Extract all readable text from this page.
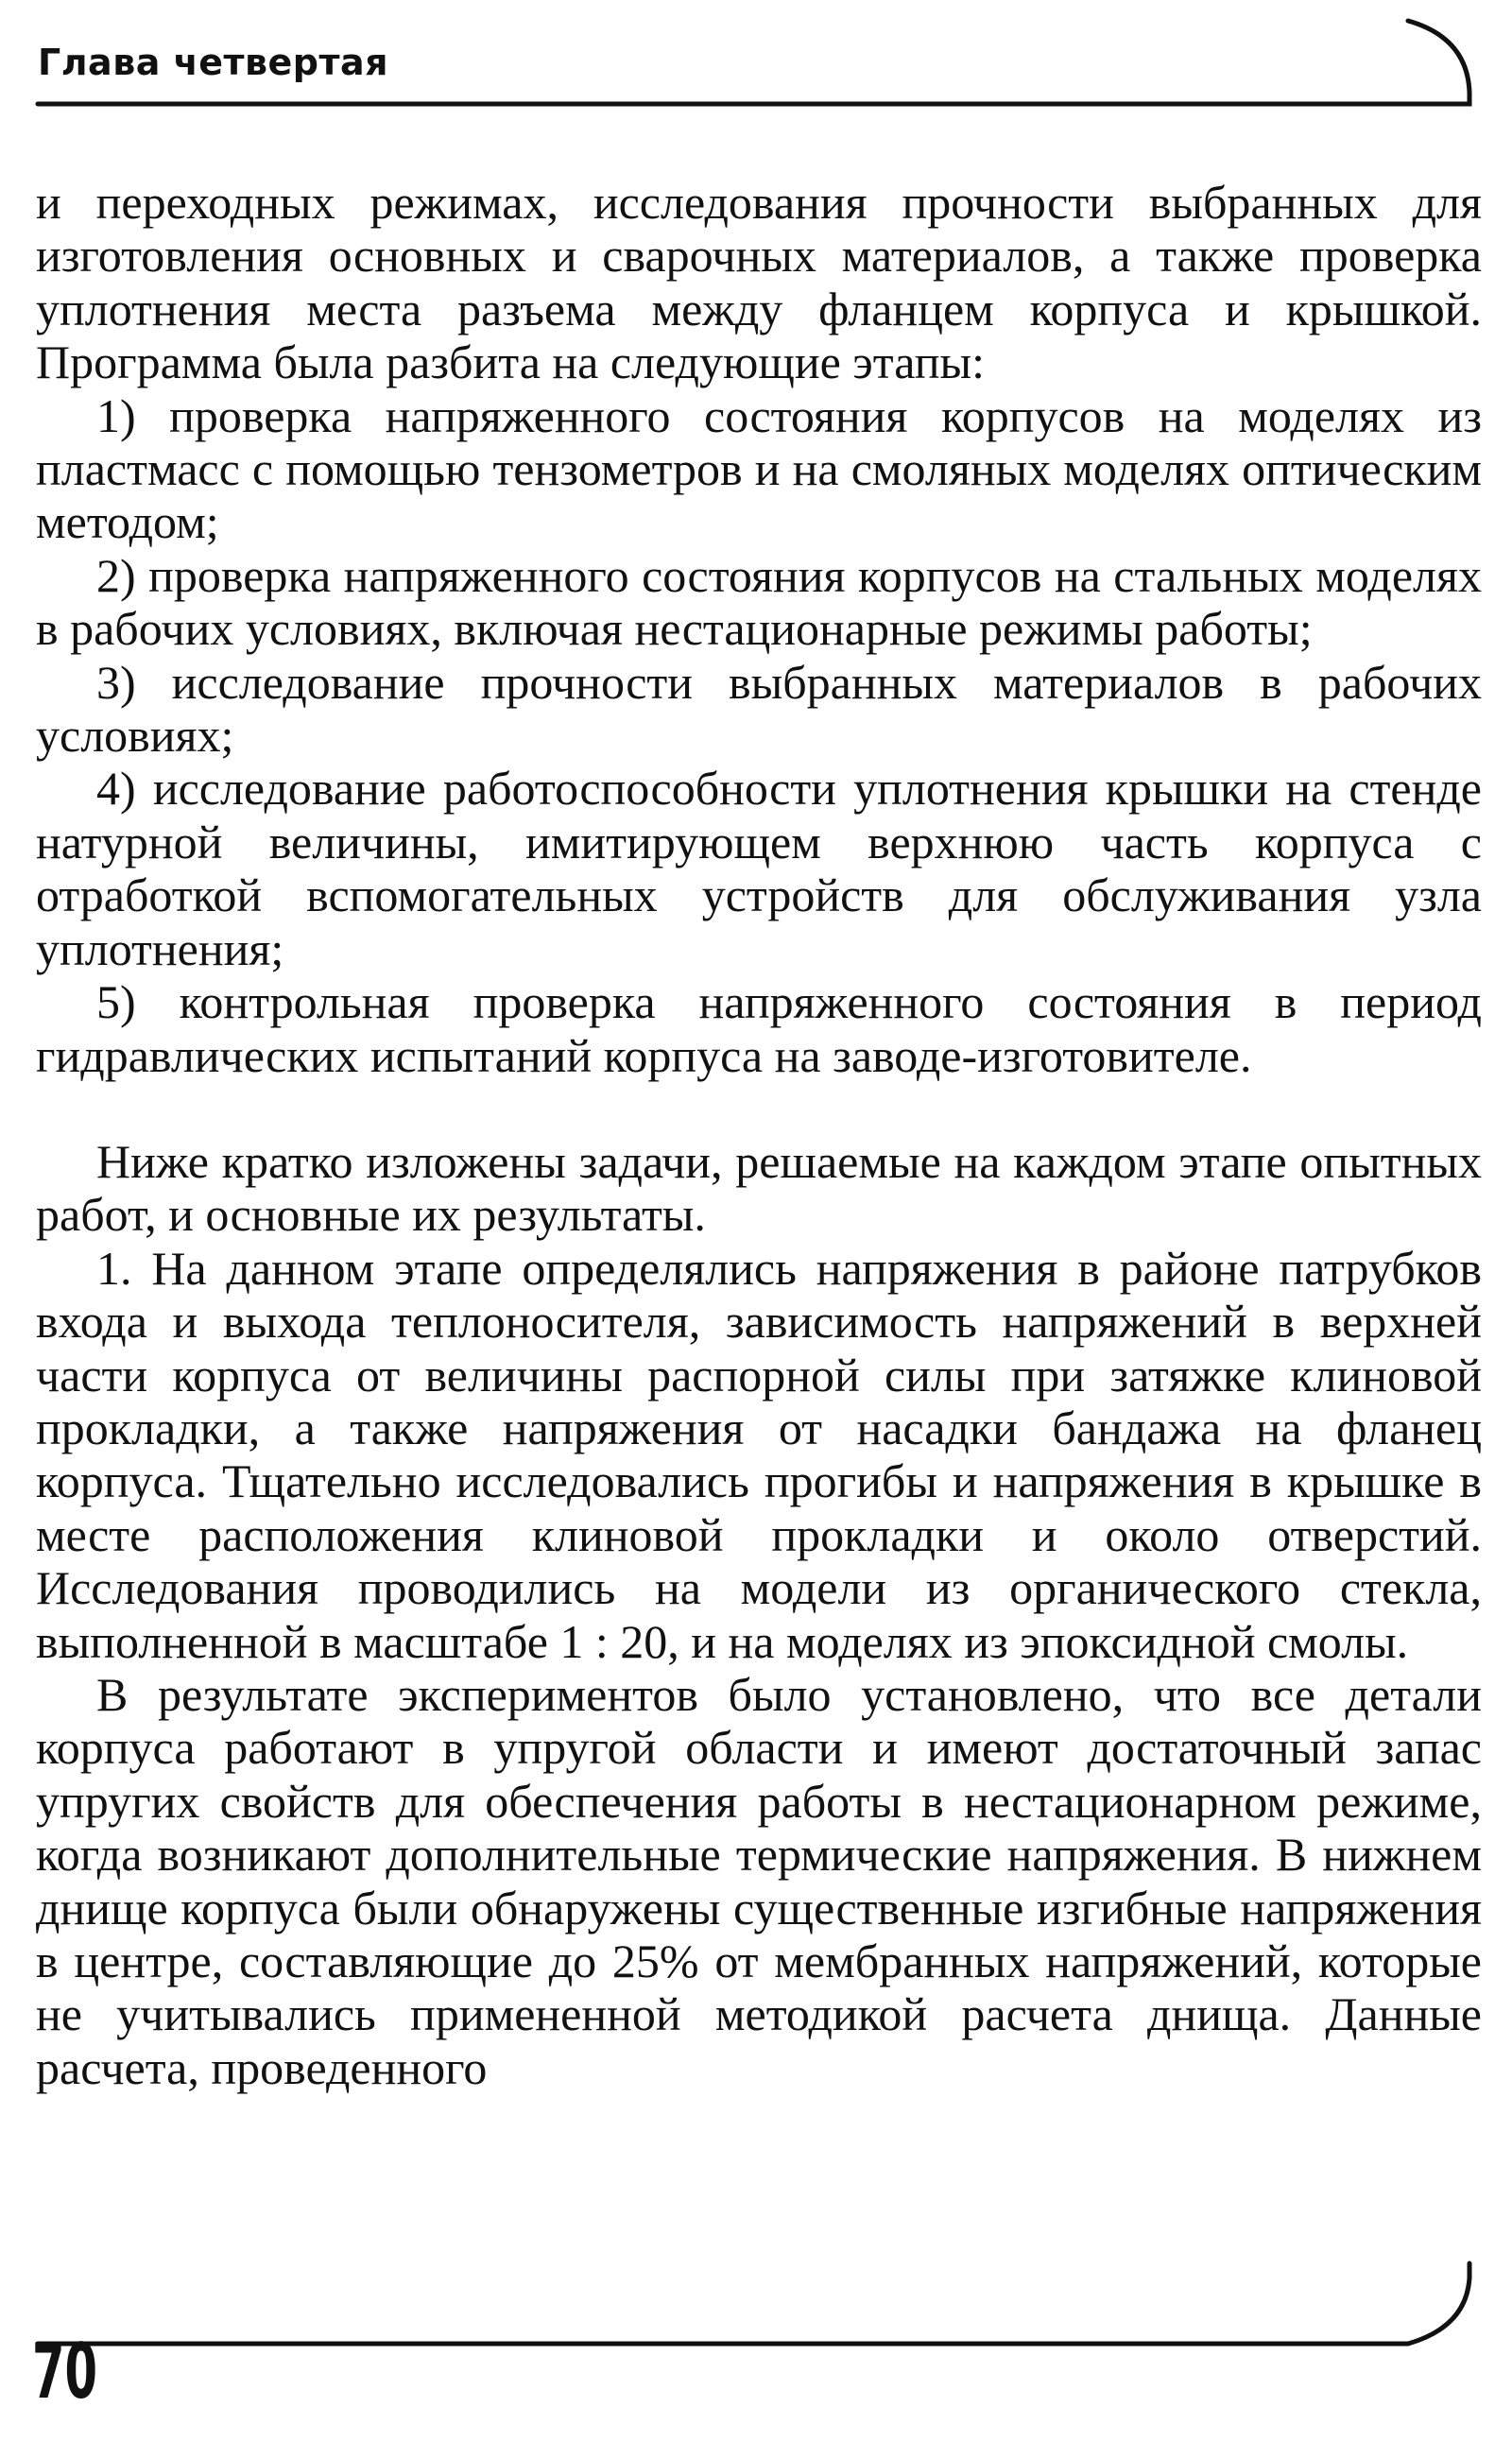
Глава четвертая

и переходных режимах, исследования прочности выбранных для изготовления основных и сварочных материалов, а также проверка уплотнения места разъема между фланцем корпуса и крышкой. Программа была разбита на следующие этапы:

1) проверка напряженного состояния корпусов на моделях из пластмасс с помощью тензометров и на смоляных моделях оптическим методом;

2) проверка напряженного состояния корпусов на стальных моделях в рабочих условиях, включая нестационарные режимы работы;

3) исследование прочности выбранных материалов в рабочих условиях;

4) исследование работоспособности уплотнения крышки на стенде натурной величины, имитирующем верхнюю часть корпуса с отработкой вспомогательных устройств для обслуживания узла уплотнения;

5) контрольная проверка напряженного состояния в период гидравлических испытаний корпуса на заводе-изготовителе.

Ниже кратко изложены задачи, решаемые на каждом этапе опытных работ, и основные их результаты.

1. На данном этапе определялись напряжения в районе патрубков входа и выхода теплоносителя, зависимость напряжений в верхней части корпуса от величины распорной силы при затяжке клиновой прокладки, а также напряжения от насадки бандажа на фланец корпуса. Тщательно исследовались прогибы и напряжения в крышке в месте расположения клиновой прокладки и около отверстий. Исследования проводились на модели из органического стекла, выполненной в масштабе 1 : 20, и на моделях из эпоксидной смолы.

В результате экспериментов было установлено, что все детали корпуса работают в упругой области и имеют достаточный запас упругих свойств для обеспечения работы в нестационарном режиме, когда возникают дополнительные термические напряжения. В нижнем днище корпуса были обнаружены существенные изгибные напряжения в центре, составляющие до 25% от мембранных напряжений, которые не учитывались примененной методикой расчета днища. Данные расчета, проведенного

70
